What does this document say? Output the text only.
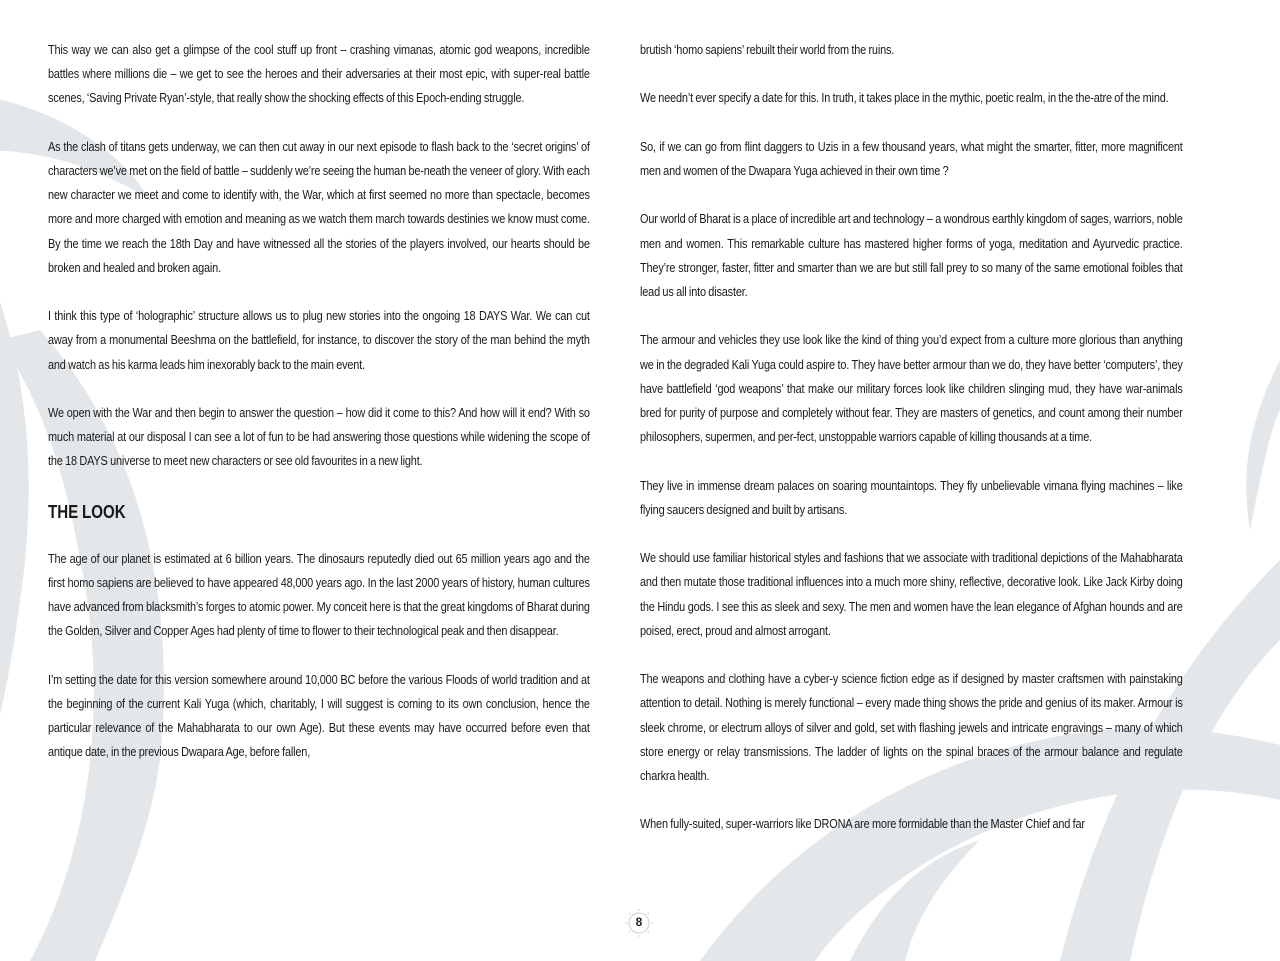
This way we can also get a glimpse of the cool stuff up front – crashing vimanas, atomic god weapons, incredible battles where millions die – we get to see the heroes and their adversaries at their most epic, with super-real battle scenes, ‘Saving Private Ryan’-style, that really show the shocking effects of this Epoch-ending struggle.

As the clash of titans gets underway, we can then cut away in our next episode to flash back to the ‘secret origins’ of characters we’ve met on the field of battle – suddenly we’re seeing the human be-neath the veneer of glory. With each new character we meet and come to identify with, the War, which at first seemed no more than spectacle, becomes more and more charged with emotion and meaning as we watch them march towards destinies we know must come. By the time we reach the 18th Day and have witnessed all the stories of the players involved, our hearts should be broken and healed and broken again.

I think this type of ‘holographic’ structure allows us to plug new stories into the ongoing 18 DAYS War. We can cut away from a monumental Beeshma on the battlefield, for instance, to discover the story of the man behind the myth and watch as his karma leads him inexorably back to the main event.

We open with the War and then begin to answer the question – how did it come to this? And how will it end? With so much material at our disposal I can see a lot of fun to be had answering those questions while widening the scope of the 18 DAYS universe to meet new characters or see old favourites in a new light.

THE LOOK

The age of our planet is estimated at 6 billion years. The dinosaurs reputedly died out 65 million years ago and the first homo sapiens are believed to have appeared 48,000 years ago. In the last 2000 years of history, human cultures have advanced from blacksmith’s forges to atomic power. My conceit here is that the great kingdoms of Bharat during the Golden, Silver and Copper Ages had plenty of time to flower to their technological peak and then disappear.

I’m setting the date for this version somewhere around 10,000 BC before the various Floods of world tradition and at the beginning of the current Kali Yuga (which, charitably, I will suggest is coming to its own conclusion, hence the particular relevance of the Mahabharata to our own Age). But these events may have occurred before even that antique date, in the previous Dwapara Age, before fallen,

brutish ‘homo sapiens’ rebuilt their world from the ruins.

We needn’t ever specify a date for this. In truth, it takes place in the mythic, poetic realm, in the the-atre of the mind.

So, if we can go from flint daggers to Uzis in a few thousand years, what might the smarter, fitter, more magnificent men and women of the Dwapara Yuga achieved in their own time ?

Our world of Bharat is a place of incredible art and technology – a wondrous earthly kingdom of sages, warriors, noble men and women. This remarkable culture has mastered higher forms of yoga, meditation and Ayurvedic practice. They’re stronger, faster, fitter and smarter than we are but still fall prey to so many of the same emotional foibles that lead us all into disaster.

The armour and vehicles they use look like the kind of thing you’d expect from a culture more glorious than anything we in the degraded Kali Yuga could aspire to. They have better armour than we do, they have better ‘computers’, they have battlefield ‘god weapons’ that make our military forces look like children slinging mud, they have war-animals bred for purity of purpose and completely without fear. They are masters of genetics, and count among their number philosophers, supermen, and per-fect, unstoppable warriors capable of killing thousands at a time.

They live in immense dream palaces on soaring mountaintops. They fly unbelievable vimana flying machines – like flying saucers designed and built by artisans.

We should use familiar historical styles and fashions that we associate with traditional depictions of the Mahabharata and then mutate those traditional influences into a much more shiny, reflective, decorative look. Like Jack Kirby doing the Hindu gods. I see this as sleek and sexy. The men and women have the lean elegance of Afghan hounds and are poised, erect, proud and almost arrogant.

The weapons and clothing have a cyber-y science fiction edge as if designed by master craftsmen with painstaking attention to detail. Nothing is merely functional – every made thing shows the pride and genius of its maker. Armour is sleek chrome, or electrum alloys of silver and gold, set with flashing jewels and intricate engravings – many of which store energy or relay transmissions. The ladder of lights on the spinal braces of the armour balance and regulate charkra health.

When fully-suited, super-warriors like DRONA are more formidable than the Master Chief and far

8
